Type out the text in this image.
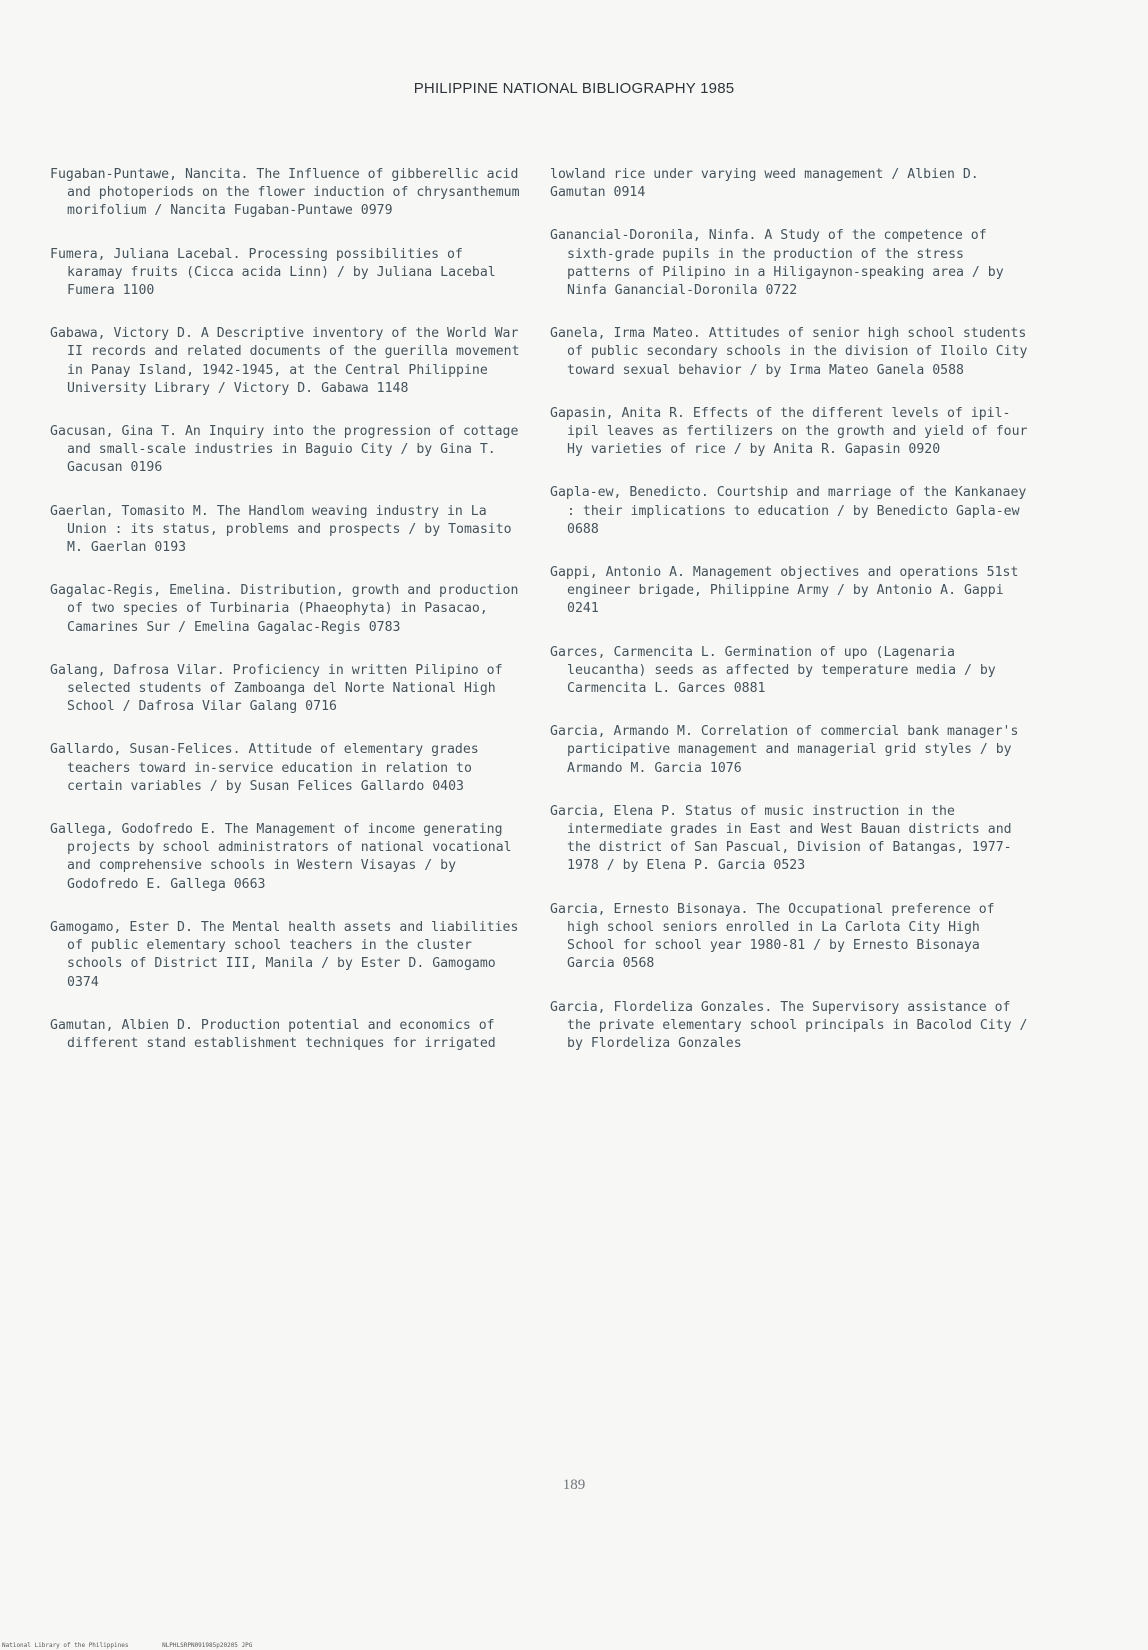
PHILIPPINE NATIONAL BIBLIOGRAPHY 1985
Fugaban-Puntawe, Nancita. The Influence of gibberellic acid and photoperiods on the flower induction of chrysanthemum morifolium / Nancita Fugaban-Puntawe 0979
Fumera, Juliana Lacebal. Processing possibilities of karamay fruits (Cicca acida Linn) / by Juliana Lacebal Fumera 1100
Gabawa, Victory D. A Descriptive inventory of the World War II records and related documents of the guerilla movement in Panay Island, 1942-1945, at the Central Philippine University Library / Victory D. Gabawa 1148
Gacusan, Gina T. An Inquiry into the progression of cottage and small-scale industries in Baguio City / by Gina T. Gacusan 0196
Gaerlan, Tomasito M. The Handlom weaving industry in La Union : its status, problems and prospects / by Tomasito M. Gaerlan 0193
Gagalac-Regis, Emelina. Distribution, growth and production of two species of Turbinaria (Phaeophyta) in Pasacao, Camarines Sur / Emelina Gagalac-Regis 0783
Galang, Dafrosa Vilar. Proficiency in written Pilipino of selected students of Zamboanga del Norte National High School / Dafrosa Vilar Galang 0716
Gallardo, Susan-Felices. Attitude of elementary grades teachers toward in-service education in relation to certain variables / by Susan Felices Gallardo 0403
Gallega, Godofredo E. The Management of income generating projects by school administrators of national vocational and comprehensive schools in Western Visayas / by Godofredo E. Gallega 0663
Gamogamo, Ester D. The Mental health assets and liabilities of public elementary school teachers in the cluster schools of District III, Manila / by Ester D. Gamogamo 0374
Gamutan, Albien D. Production potential and economics of different stand establishment techniques for irrigated
lowland rice under varying weed management / Albien D. Gamutan 0914
Ganancial-Doronila, Ninfa. A Study of the competence of sixth-grade pupils in the production of the stress patterns of Pilipino in a Hiligaynon-speaking area / by Ninfa Ganancial-Doronila 0722
Ganela, Irma Mateo. Attitudes of senior high school students of public secondary schools in the division of Iloilo City toward sexual behavior / by Irma Mateo Ganela 0588
Gapasin, Anita R. Effects of the different levels of ipil-ipil leaves as fertilizers on the growth and yield of four Hy varieties of rice / by Anita R. Gapasin 0920
Gapla-ew, Benedicto. Courtship and marriage of the Kankanaey : their implications to education / by Benedicto Gapla-ew 0688
Gappi, Antonio A. Management objectives and operations 51st engineer brigade, Philippine Army / by Antonio A. Gappi 0241
Garces, Carmencita L. Germination of upo (Lagenaria leucantha) seeds as affected by temperature media / by Carmencita L. Garces 0881
Garcia, Armando M. Correlation of commercial bank manager's participative management and managerial grid styles / by Armando M. Garcia 1076
Garcia, Elena P. Status of music instruction in the intermediate grades in East and West Bauan districts and the district of San Pascual, Division of Batangas, 1977-1978 / by Elena P. Garcia 0523
Garcia, Ernesto Bisonaya. The Occupational preference of high school seniors enrolled in La Carlota City High School for school year 1980-81 / by Ernesto Bisonaya Garcia 0568
Garcia, Flordeliza Gonzales. The Supervisory assistance of the private elementary school principals in Bacolod City / by Flordeliza Gonzales
189
National Library of the Philippines	NLPHLSRPN091985p20205 JPG
